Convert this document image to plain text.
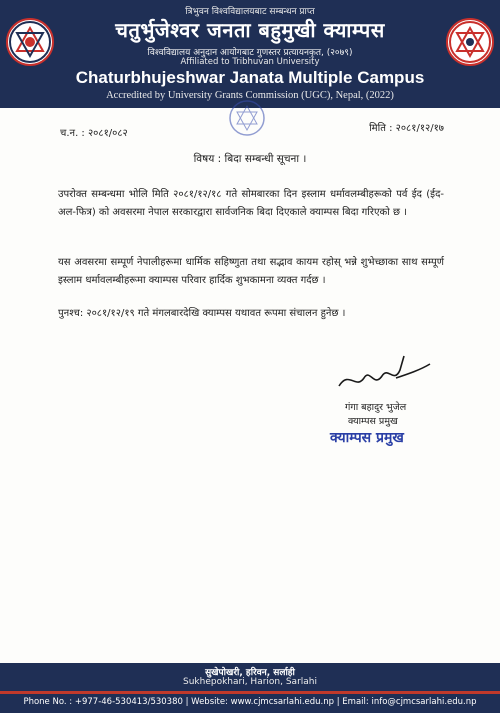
त्रिभुवन विश्वविद्यालयबाट सम्बन्धन प्राप्त
चतुर्भुजेश्वर जनता बहुमुखी क्याम्पस
विश्वविद्यालय अनुदान आयोगबाट गुणस्तर प्रत्यायनकृत, (२०७९)
Affiliated to Tribhuvan University
Chaturbhujeshwar Janata Multiple Campus
Accredited by University Grants Commission (UGC), Nepal, (2022)
च.न. : २०८१/०८२	मिति : २०८१/१२/१७
विषय : बिदा सम्बन्धी सूचना ।
उपरोक्त सम्बन्धमा भोलि मिति २०८१/१२/१८ गते सोमबारका दिन इस्लाम धर्मावलम्बीहरूको पर्व ईद (ईद-अल-फित्र) को अवसरमा नेपाल सरकारद्वारा सार्वजनिक बिदा दिएकाले क्याम्पस बिदा गरिएको छ ।
यस अवसरमा सम्पूर्ण नेपालीहरूमा धार्मिक सहिष्णुता तथा सद्भाव कायम रहोस् भन्ने शुभेच्छाका साथ सम्पूर्ण इस्लाम धर्मावलम्बीहरूमा क्याम्पस परिवार हार्दिक शुभकामना व्यक्त गर्दछ ।
पुनश्च: २०८१/१२/१९ गते मंगलबारदेखि क्याम्पस यथावत रूपमा संचालन हुनेछ ।
गंगा बहादुर भुजेल
क्याम्पस प्रमुख
क्याम्पस प्रमुख
सुखेपोखरी, हरिवन, सर्लाही
Sukhepokhari, Harion, Sarlahi
Phone No. : +977-46-530413/530380 | Website: www.cjmcsarlahi.edu.np | Email: info@cjmcsarlahi.edu.np
